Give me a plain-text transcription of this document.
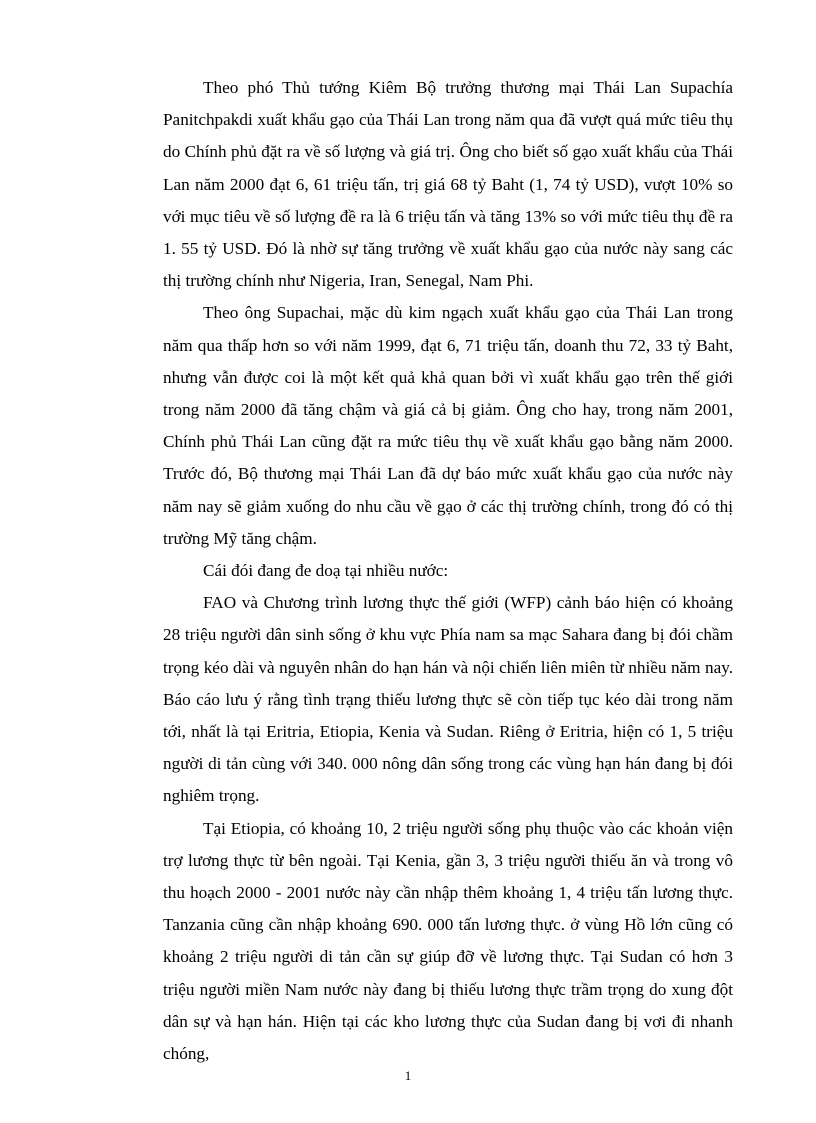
Theo phó Thủ tướng Kiêm Bộ trưởng thương mại Thái Lan Supachía Panitchpakdi xuất khẩu gạo của Thái Lan trong năm qua đã vượt quá mức tiêu thụ do Chính phủ đặt ra về số lượng và giá trị. Ông cho biết số gạo xuất khẩu của Thái Lan năm 2000 đạt 6, 61 triệu tấn, trị giá 68 tỷ Baht (1, 74 tỷ USD), vượt 10% so với mục tiêu về số lượng đề ra là 6 triệu tấn và tăng 13% so với mức tiêu thụ đề ra 1. 55 tỷ USD. Đó là nhờ sự tăng trưởng về xuất khẩu gạo của nước này sang các thị trường chính như Nigeria, Iran, Senegal, Nam Phi.

Theo ông Supachai, mặc dù kim ngạch xuất khẩu gạo của Thái Lan trong năm qua thấp hơn so với năm 1999, đạt 6, 71 triệu tấn, doanh thu 72, 33 tỷ Baht, nhưng vẫn được coi là một kết quả khả quan bởi vì xuất khẩu gạo trên thế giới trong năm 2000 đã tăng chậm và giá cả bị giảm. Ông cho hay, trong năm 2001, Chính phủ Thái Lan cũng đặt ra mức tiêu thụ về xuất khẩu gạo bằng năm 2000. Trước đó, Bộ thương mại Thái Lan đã dự báo mức xuất khẩu gạo của nước này năm nay sẽ giảm xuống do nhu cầu về gạo ở các thị trường chính, trong đó có thị trường Mỹ tăng chậm.

Cái đói đang đe doạ tại nhiều nước:

FAO và Chương trình lương thực thế giới (WFP) cảnh báo hiện có khoảng 28 triệu người dân sinh sống ở khu vực Phía nam sa mạc Sahara đang bị đói chầm trọng kéo dài và nguyên nhân do hạn hán và nội chiến liên miên từ nhiều năm nay. Báo cáo lưu ý rằng tình trạng thiếu lương thực sẽ còn tiếp tục kéo dài trong năm tới, nhất là tại Eritria, Etiopia, Kenia và Sudan. Riêng ở Eritria, hiện có 1, 5 triệu người di tản cùng với 340. 000 nông dân sống trong các vùng hạn hán đang bị đói nghiêm trọng.

Tại Etiopia, có khoảng 10, 2 triệu người sống phụ thuộc vào các khoản viện trợ lương thực từ bên ngoài. Tại Kenia, gần 3, 3 triệu người thiếu ăn và trong vô thu hoạch 2000 - 2001 nước này cần nhập thêm khoảng 1, 4 triệu tấn lương thực. Tanzania cũng cần nhập khoảng 690. 000 tấn lương thực. ở vùng Hồ lớn cũng có khoảng 2 triệu người di tản cần sự giúp đỡ về lương thực. Tại Sudan có hơn 3 triệu người miền Nam nước này đang bị thiếu lương thực trầm trọng do xung đột dân sự và hạn hán. Hiện tại các kho lương thực của Sudan đang bị vơi đi nhanh chóng,

1
